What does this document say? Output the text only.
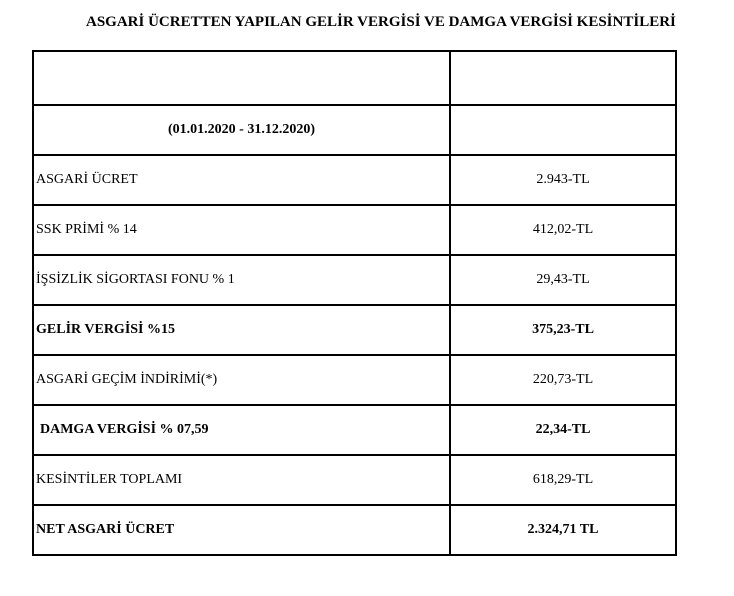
ASGARİ ÜCRETTEN YAPILAN GELİR VERGİSİ VE DAMGA VERGİSİ KESİNTİLERİ

(01.01.2020 - 31.12.2020)	
ASGARİ ÜCRET	2.943-TL
SSK PRİMİ % 14	412,02-TL
İŞSİZLİK SİGORTASI FONU % 1	29,43-TL
GELİR VERGİSİ %15	375,23-TL
ASGARİ GEÇİM İNDİRİMİ(*)	220,73-TL
DAMGA VERGİSİ % 07,59	22,34-TL
KESİNTİLER TOPLAMI	618,29-TL
NET ASGARİ ÜCRET	2.324,71 TL
